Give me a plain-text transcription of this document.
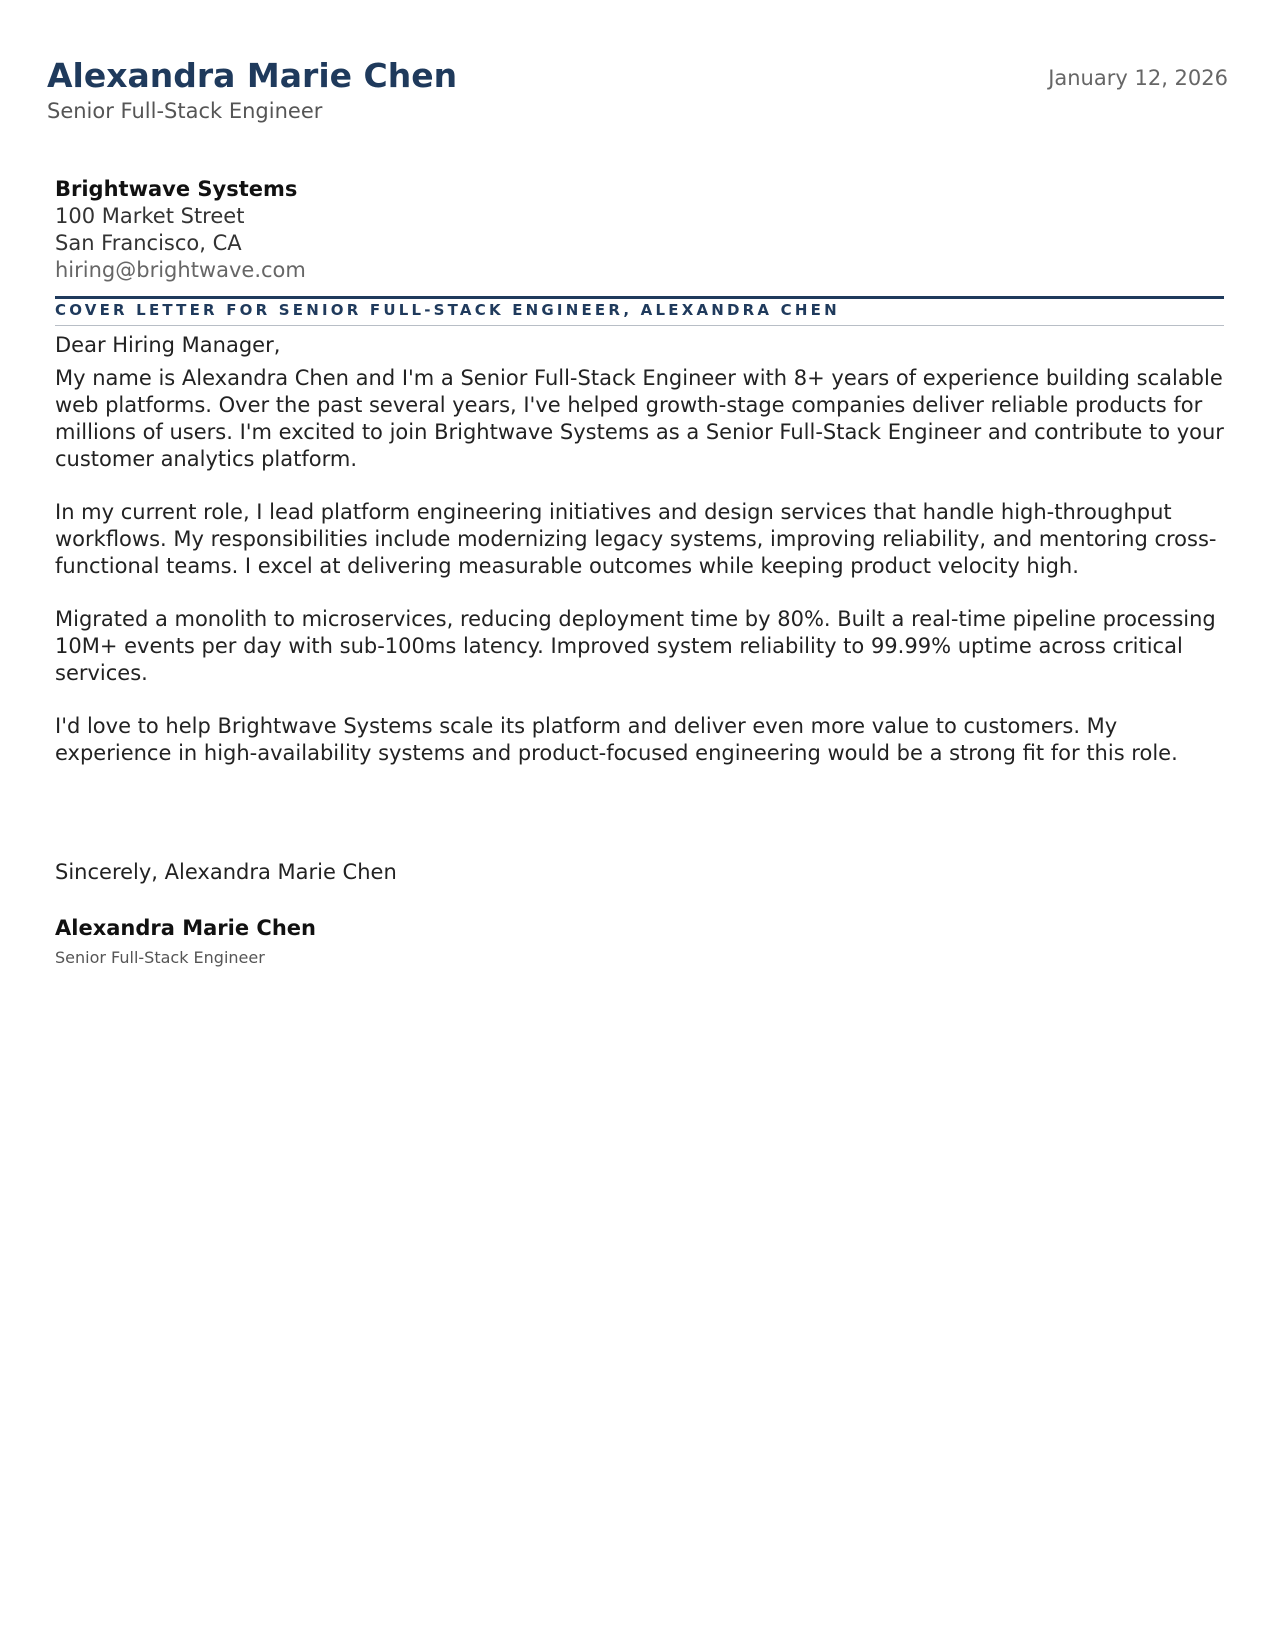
Alexandra Marie Chen
Senior Full-Stack Engineer
January 12, 2026
Brightwave Systems
100 Market Street
San Francisco, CA
hiring@brightwave.com
COVER LETTER FOR SENIOR FULL-STACK ENGINEER, ALEXANDRA CHEN

Dear Hiring Manager,

My name is Alexandra Chen and I'm a Senior Full-Stack Engineer with 8+ years of experience building scalable web platforms. Over the past several years, I've helped growth-stage companies deliver reliable products for millions of users. I'm excited to join Brightwave Systems as a Senior Full-Stack Engineer and contribute to your customer analytics platform.

In my current role, I lead platform engineering initiatives and design services that handle high-throughput workflows. My responsibilities include modernizing legacy systems, improving reliability, and mentoring cross-functional teams. I excel at delivering measurable outcomes while keeping product velocity high.

Migrated a monolith to microservices, reducing deployment time by 80%. Built a real-time pipeline processing 10M+ events per day with sub-100ms latency. Improved system reliability to 99.99% uptime across critical services.

I'd love to help Brightwave Systems scale its platform and deliver even more value to customers. My experience in high-availability systems and product-focused engineering would be a strong fit for this role.

Sincerely, Alexandra Marie Chen
Alexandra Marie Chen
Senior Full-Stack Engineer
